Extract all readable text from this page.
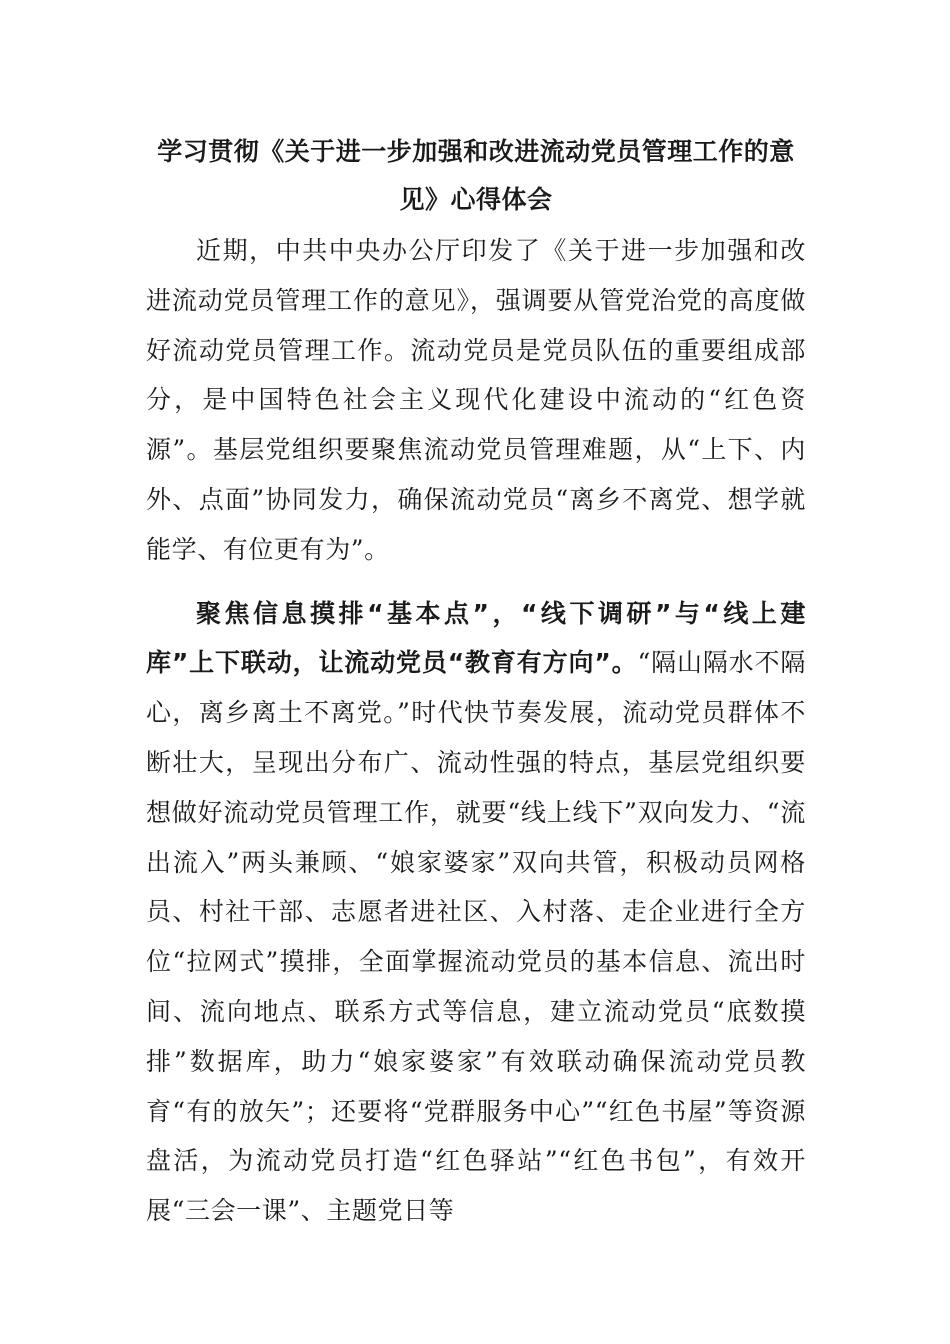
学习贯彻《关于进一步加强和改进流动党员管理工作的意见》心得体会

近期，中共中央办公厅印发了《关于进一步加强和改进流动党员管理工作的意见》，强调要从管党治党的高度做好流动党员管理工作。流动党员是党员队伍的重要组成部分，是中国特色社会主义现代化建设中流动的“红色资源”。基层党组织要聚焦流动党员管理难题，从“上下、内外、点面”协同发力，确保流动党员“离乡不离党、想学就能学、有位更有为”。

聚焦信息摸排“基本点”，“线下调研”与“线上建库”上下联动，让流动党员“教育有方向”。“隔山隔水不隔心，离乡离土不离党。”时代快节奏发展，流动党员群体不断壮大，呈现出分布广、流动性强的特点，基层党组织要想做好流动党员管理工作，就要“线上线下”双向发力、“流出流入”两头兼顾、“娘家婆家”双向共管，积极动员网格员、村社干部、志愿者进社区、入村落、走企业进行全方位“拉网式”摸排，全面掌握流动党员的基本信息、流出时间、流向地点、联系方式等信息，建立流动党员“底数摸排”数据库，助力“娘家婆家”有效联动确保流动党员教育“有的放矢”；还要将“党群服务中心”“红色书屋”等资源盘活，为流动党员打造“红色驿站”“红色书包”，有效开展“三会一课”、主题党日等
